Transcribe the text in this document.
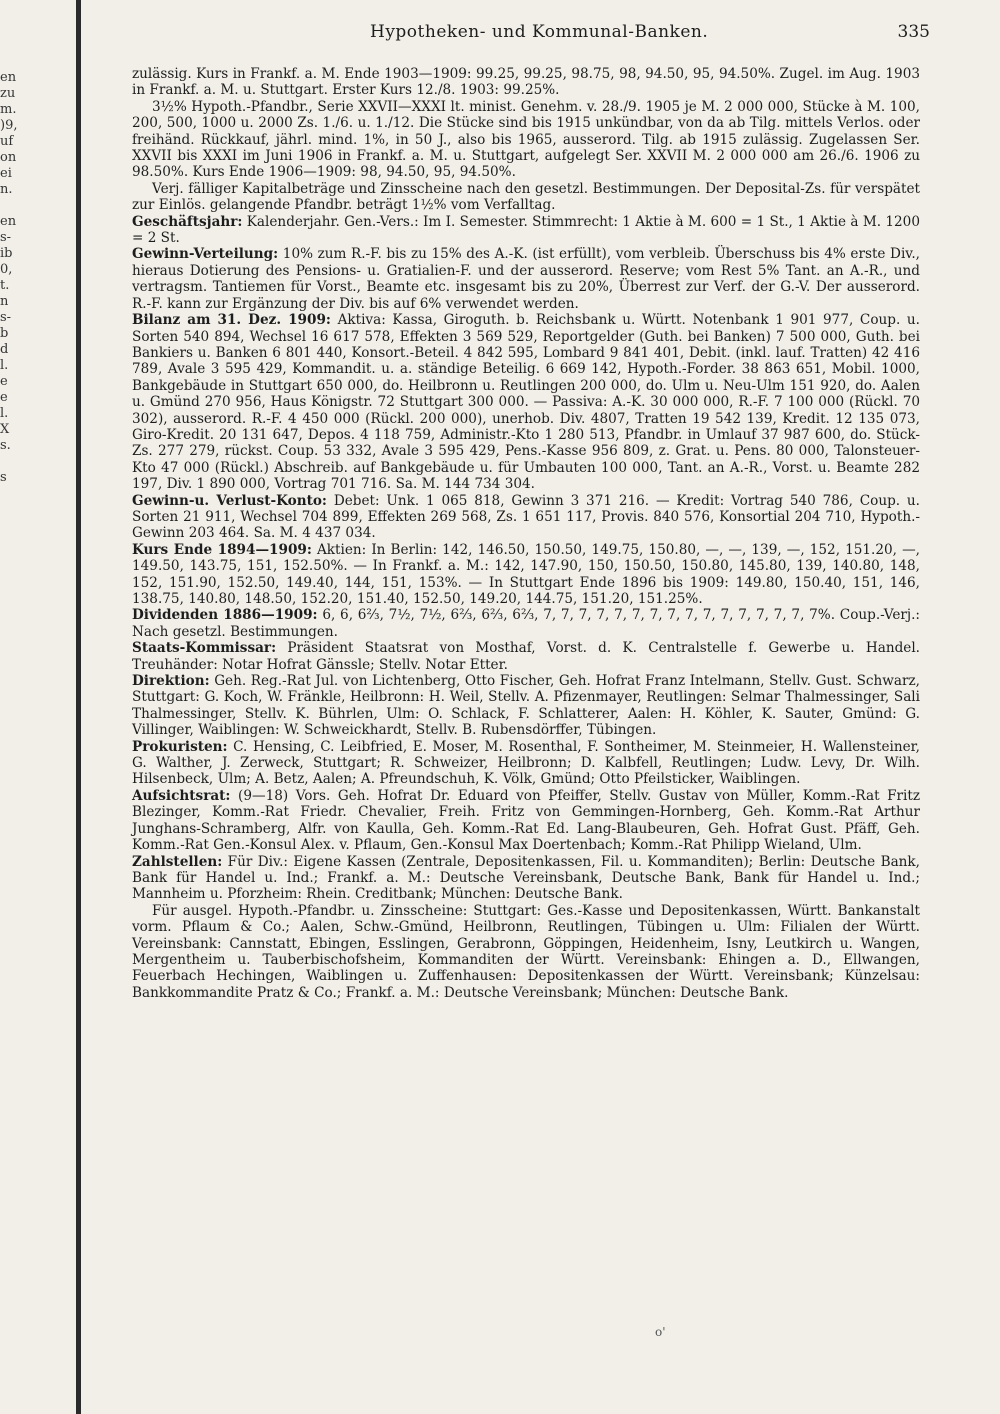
en
zu
m.
)9,
uf
on
ei
n.

en
s-
ib
0,
t.
n
s-
b
d
l.
e
e
l.
X
s.

s
Hypotheken- und Kommunal-Banken.	335

zulässig. Kurs in Frankf. a. M. Ende 1903—1909: 99.25, 99.25, 98.75, 98, 94.50, 95, 94.50%. Zugel. im Aug. 1903 in Frankf. a. M. u. Stuttgart. Erster Kurs 12./8. 1903: 99.25%.

3½% Hypoth.-Pfandbr., Serie XXVII—XXXI lt. minist. Genehm. v. 28./9. 1905 je M. 2 000 000, Stücke à M. 100, 200, 500, 1000 u. 2000 Zs. 1./6. u. 1./12. Die Stücke sind bis 1915 unkündbar, von da ab Tilg. mittels Verlos. oder freihänd. Rückkauf, jährl. mind. 1%, in 50 J., also bis 1965, ausserord. Tilg. ab 1915 zulässig. Zugelassen Ser. XXVII bis XXXI im Juni 1906 in Frankf. a. M. u. Stuttgart, aufgelegt Ser. XXVII M. 2 000 000 am 26./6. 1906 zu 98.50%. Kurs Ende 1906—1909: 98, 94.50, 95, 94.50%.

Verj. fälliger Kapitalbeträge und Zinsscheine nach den gesetzl. Bestimmungen. Der Deposital-Zs. für verspätet zur Einlös. gelangende Pfandbr. beträgt 1½% vom Verfalltag.

Geschäftsjahr: Kalenderjahr. Gen.-Vers.: Im I. Semester. Stimmrecht: 1 Aktie à M. 600 = 1 St., 1 Aktie à M. 1200 = 2 St.

Gewinn-Verteilung: 10% zum R.-F. bis zu 15% des A.-K. (ist erfüllt), vom verbleib. Überschuss bis 4% erste Div., hieraus Dotierung des Pensions- u. Gratialien-F. und der ausserord. Reserve; vom Rest 5% Tant. an A.-R., und vertragsm. Tantiemen für Vorst., Beamte etc. insgesamt bis zu 20%, Überrest zur Verf. der G.-V. Der ausserord. R.-F. kann zur Ergänzung der Div. bis auf 6% verwendet werden.

Bilanz am 31. Dez. 1909: Aktiva: Kassa, Giroguth. b. Reichsbank u. Württ. Notenbank 1 901 977, Coup. u. Sorten 540 894, Wechsel 16 617 578, Effekten 3 569 529, Reportgelder (Guth. bei Banken) 7 500 000, Guth. bei Bankiers u. Banken 6 801 440, Konsort.-Beteil. 4 842 595, Lombard 9 841 401, Debit. (inkl. lauf. Tratten) 42 416 789, Avale 3 595 429, Kommandit. u. a. ständige Beteilig. 6 669 142, Hypoth.-Forder. 38 863 651, Mobil. 1000, Bankgebäude in Stuttgart 650 000, do. Heilbronn u. Reutlingen 200 000, do. Ulm u. Neu-Ulm 151 920, do. Aalen u. Gmünd 270 956, Haus Königstr. 72 Stuttgart 300 000. — Passiva: A.-K. 30 000 000, R.-F. 7 100 000 (Rückl. 70 302), ausserord. R.-F. 4 450 000 (Rückl. 200 000), unerhob. Div. 4807, Tratten 19 542 139, Kredit. 12 135 073, Giro-Kredit. 20 131 647, Depos. 4 118 759, Administr.-Kto 1 280 513, Pfandbr. in Umlauf 37 987 600, do. Stück-Zs. 277 279, rückst. Coup. 53 332, Avale 3 595 429, Pens.-Kasse 956 809, z. Grat. u. Pens. 80 000, Talonsteuer-Kto 47 000 (Rückl.) Abschreib. auf Bankgebäude u. für Umbauten 100 000, Tant. an A.-R., Vorst. u. Beamte 282 197, Div. 1 890 000, Vortrag 701 716. Sa. M. 144 734 304.

Gewinn-u. Verlust-Konto: Debet: Unk. 1 065 818, Gewinn 3 371 216. — Kredit: Vortrag 540 786, Coup. u. Sorten 21 911, Wechsel 704 899, Effekten 269 568, Zs. 1 651 117, Provis. 840 576, Konsortial 204 710, Hypoth.-Gewinn 203 464. Sa. M. 4 437 034.

Kurs Ende 1894—1909: Aktien: In Berlin: 142, 146.50, 150.50, 149.75, 150.80, —, —, 139, —, 152, 151.20, —, 149.50, 143.75, 151, 152.50%. — In Frankf. a. M.: 142, 147.90, 150, 150.50, 150.80, 145.80, 139, 140.80, 148, 152, 151.90, 152.50, 149.40, 144, 151, 153%. — In Stuttgart Ende 1896 bis 1909: 149.80, 150.40, 151, 146, 138.75, 140.80, 148.50, 152.20, 151.40, 152.50, 149.20, 144.75, 151.20, 151.25%.

Dividenden 1886—1909: 6, 6, 6⅔, 7½, 7½, 6⅔, 6⅔, 6⅔, 7, 7, 7, 7, 7, 7, 7, 7, 7, 7, 7, 7, 7, 7, 7, 7%. Coup.-Verj.: Nach gesetzl. Bestimmungen.

Staats-Kommissar: Präsident Staatsrat von Mosthaf, Vorst. d. K. Centralstelle f. Gewerbe u. Handel. Treuhänder: Notar Hofrat Gänssle; Stellv. Notar Etter.

Direktion: Geh. Reg.-Rat Jul. von Lichtenberg, Otto Fischer, Geh. Hofrat Franz Intelmann, Stellv. Gust. Schwarz, Stuttgart: G. Koch, W. Fränkle, Heilbronn: H. Weil, Stellv. A. Pfizenmayer, Reutlingen: Selmar Thalmessinger, Sali Thalmessinger, Stellv. K. Bührlen, Ulm: O. Schlack, F. Schlatterer, Aalen: H. Köhler, K. Sauter, Gmünd: G. Villinger, Waiblingen: W. Schweickhardt, Stellv. B. Rubensdörffer, Tübingen.

Prokuristen: C. Hensing, C. Leibfried, E. Moser, M. Rosenthal, F. Sontheimer, M. Steinmeier, H. Wallensteiner, G. Walther, J. Zerweck, Stuttgart; R. Schweizer, Heilbronn; D. Kalbfell, Reutlingen; Ludw. Levy, Dr. Wilh. Hilsenbeck, Ulm; A. Betz, Aalen; A. Pfreundschuh, K. Völk, Gmünd; Otto Pfeilsticker, Waiblingen.

Aufsichtsrat: (9—18) Vors. Geh. Hofrat Dr. Eduard von Pfeiffer, Stellv. Gustav von Müller, Komm.-Rat Fritz Blezinger, Komm.-Rat Friedr. Chevalier, Freih. Fritz von Gemmingen-Hornberg, Geh. Komm.-Rat Arthur Junghans-Schramberg, Alfr. von Kaulla, Geh. Komm.-Rat Ed. Lang-Blaubeuren, Geh. Hofrat Gust. Pfäff, Geh. Komm.-Rat Gen.-Konsul Alex. v. Pflaum, Gen.-Konsul Max Doertenbach; Komm.-Rat Philipp Wieland, Ulm.

Zahlstellen: Für Div.: Eigene Kassen (Zentrale, Depositenkassen, Fil. u. Kommanditen); Berlin: Deutsche Bank, Bank für Handel u. Ind.; Frankf. a. M.: Deutsche Vereinsbank, Deutsche Bank, Bank für Handel u. Ind.; Mannheim u. Pforzheim: Rhein. Creditbank; München: Deutsche Bank.

Für ausgel. Hypoth.-Pfandbr. u. Zinsscheine: Stuttgart: Ges.-Kasse und Depositenkassen, Württ. Bankanstalt vorm. Pflaum & Co.; Aalen, Schw.-Gmünd, Heilbronn, Reutlingen, Tübingen u. Ulm: Filialen der Württ. Vereinsbank: Cannstatt, Ebingen, Esslingen, Gerabronn, Göppingen, Heidenheim, Isny, Leutkirch u. Wangen, Mergentheim u. Tauberbischofsheim, Kommanditen der Württ. Vereinsbank: Ehingen a. D., Ellwangen, Feuerbach Hechingen, Waiblingen u. Zuffenhausen: Depositenkassen der Württ. Vereinsbank; Künzelsau: Bankkommandite Pratz & Co.; Frankf. a. M.: Deutsche Vereinsbank; München: Deutsche Bank.

o'
